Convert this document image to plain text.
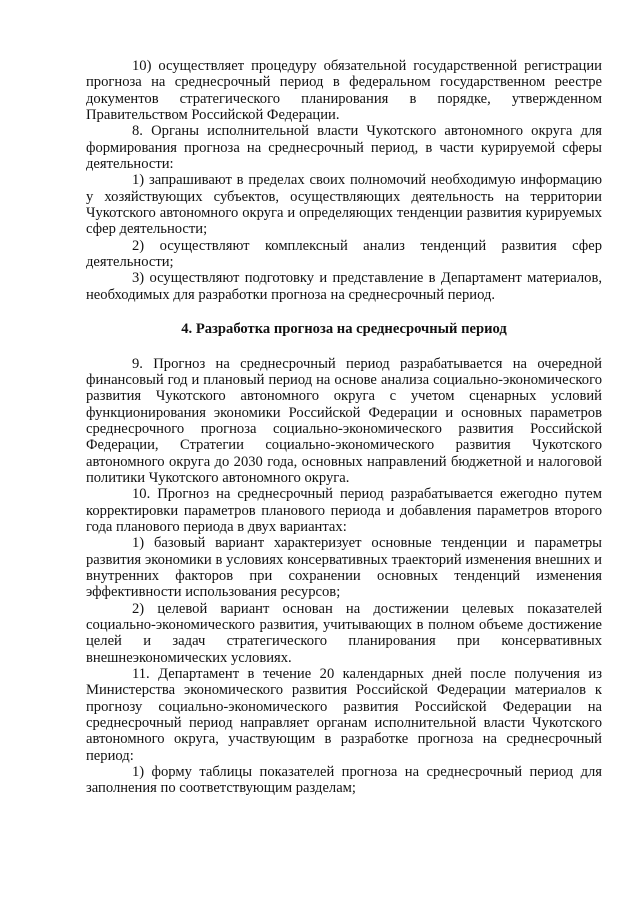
10) осуществляет процедуру обязательной государственной регистрации прогноза на среднесрочный период в федеральном государственном реестре документов стратегического планирования в порядке, утвержденном Правительством Российской Федерации.

8. Органы исполнительной власти Чукотского автономного округа для формирования прогноза на среднесрочный период, в части курируемой сферы деятельности:

1) запрашивают в пределах своих полномочий необходимую информацию у хозяйствующих субъектов, осуществляющих деятельность на территории Чукотского автономного округа и определяющих тенденции развития курируемых сфер деятельности;

2) осуществляют комплексный анализ тенденций развития сфер деятельности;

3) осуществляют подготовку и представление в Департамент материалов, необходимых для разработки прогноза на среднесрочный период.

4. Разработка прогноза на среднесрочный период

9. Прогноз на среднесрочный период разрабатывается на очередной финансовый год и плановый период на основе анализа социально-экономического развития Чукотского автономного округа с учетом сценарных условий функционирования экономики Российской Федерации и основных параметров среднесрочного прогноза социально-экономического развития Российской Федерации, Стратегии социально-экономического развития Чукотского автономного округа до 2030 года, основных направлений бюджетной и налоговой политики Чукотского автономного округа.

10. Прогноз на среднесрочный период разрабатывается ежегодно путем корректировки параметров планового периода и добавления параметров второго года планового периода в двух вариантах:

1) базовый вариант характеризует основные тенденции и параметры развития экономики в условиях консервативных траекторий изменения внешних и внутренних факторов при сохранении основных тенденций изменения эффективности использования ресурсов;

2) целевой вариант основан на достижении целевых показателей социально-экономического развития, учитывающих в полном объеме достижение целей и задач стратегического планирования при консервативных внешнеэкономических условиях.

11. Департамент в течение 20 календарных дней после получения из Министерства экономического развития Российской Федерации материалов к прогнозу социально-экономического развития Российской Федерации на среднесрочный период направляет органам исполнительной власти Чукотского автономного округа, участвующим в разработке прогноза на среднесрочный период:

1) форму таблицы показателей прогноза на среднесрочный период для заполнения по соответствующим разделам;
